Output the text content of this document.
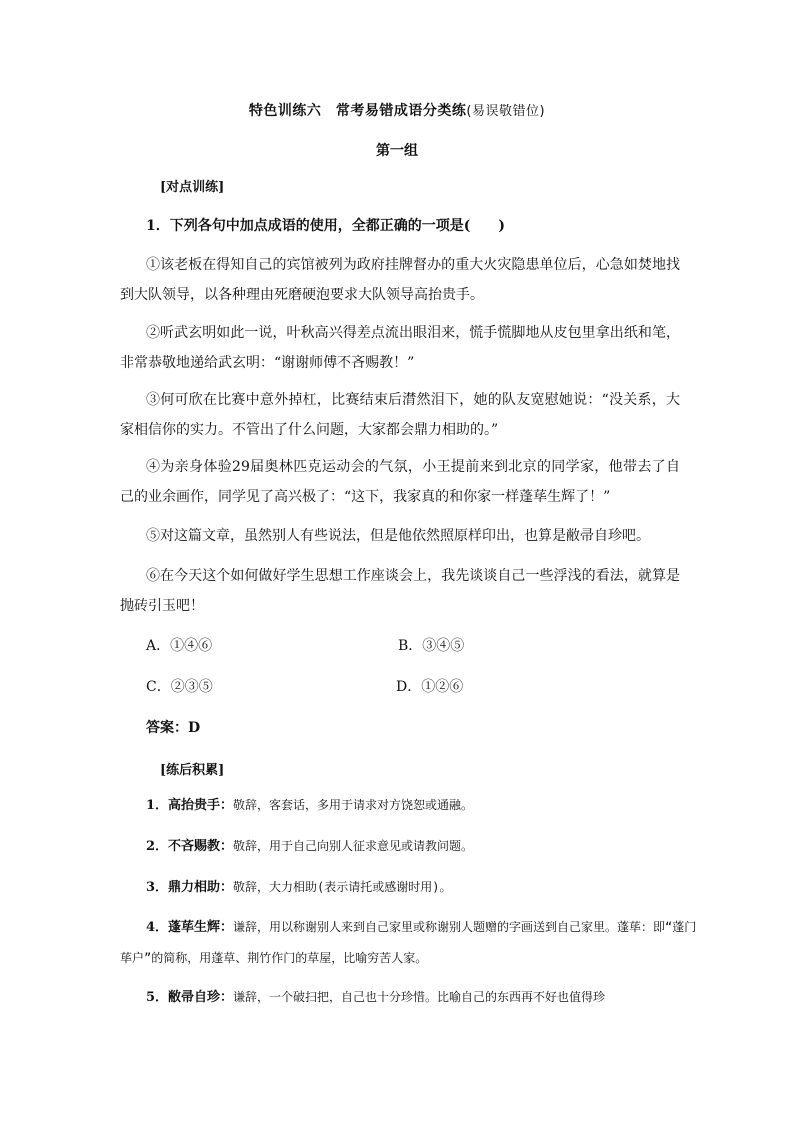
特色训练六　常考易错成语分类练(易误敬错位)
第一组
[对点训练]
1．下列各句中加点成语的使用，全都正确的一项是(　　)
①该老板在得知自己的宾馆被列为政府挂牌督办的重大火灾隐患单位后，心急如焚地找到大队领导，以各种理由死磨硬泡要求大队领导高抬贵手。
②听武玄明如此一说，叶秋高兴得差点流出眼泪来，慌手慌脚地从皮包里拿出纸和笔，非常恭敬地递给武玄明：“谢谢师傅不吝赐教！”
③何可欣在比赛中意外掉杠，比赛结束后潸然泪下，她的队友宽慰她说：“没关系，大家相信你的实力。不管出了什么问题，大家都会鼎力相助的。”
④为亲身体验29届奥林匹克运动会的气氛，小王提前来到北京的同学家，他带去了自己的业余画作，同学见了高兴极了：“这下，我家真的和你家一样蓬荜生辉了！”
⑤对这篇文章，虽然别人有些说法，但是他依然照原样印出，也算是敝帚自珍吧。
⑥在今天这个如何做好学生思想工作座谈会上，我先谈谈自己一些浮浅的看法，就算是抛砖引玉吧！
A．①④⑥	B．③④⑤
C．②③⑤	D．①②⑥
答案：D
[练后积累]
1．高抬贵手：敬辞，客套话，多用于请求对方饶恕或通融。
2．不吝赐教：敬辞，用于自己向别人征求意见或请教问题。
3．鼎力相助：敬辞，大力相助(表示请托或感谢时用)。
4．蓬荜生辉：谦辞，用以称谢别人来到自己家里或称谢别人题赠的字画送到自己家里。蓬荜：即“蓬门荜户”的简称，用蓬草、荆竹作门的草屋，比喻穷苦人家。
5．敝帚自珍：谦辞，一个破扫把，自己也十分珍惜。比喻自己的东西再不好也值得珍
